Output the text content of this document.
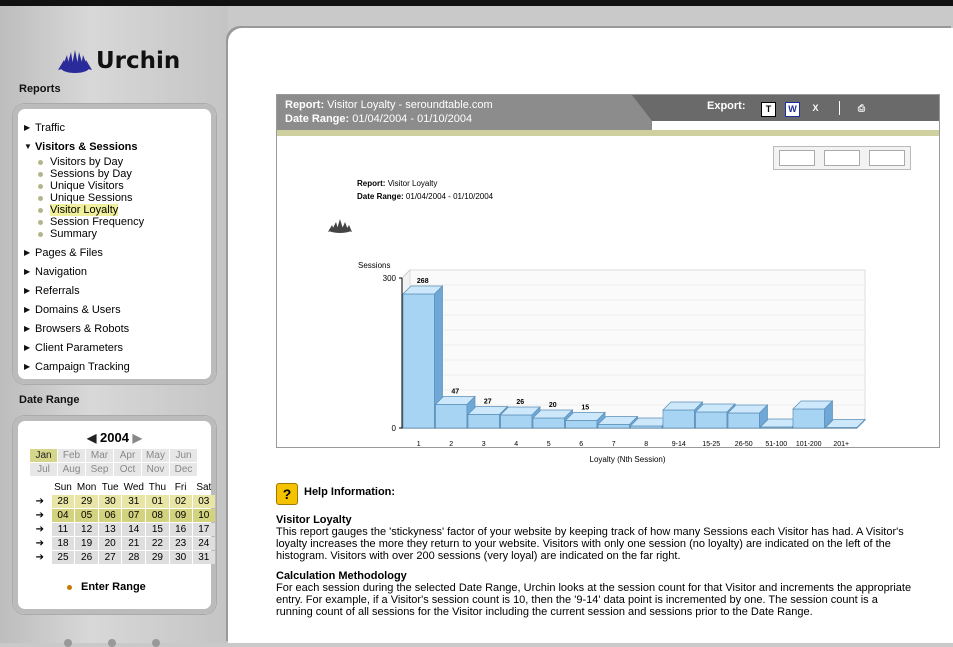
Urchin
Reports
▶ Traffic
▼ Visitors & Sessions
Visitors by Day
Sessions by Day
Unique Visitors
Unique Sessions
Visitor Loyalty
Session Frequency
Summary
▶ Pages & Files
▶ Navigation
▶ Referrals
▶ Domains & Users
▶ Browsers & Robots
▶ Client Parameters
▶ Campaign Tracking
Date Range
◀ 2004 ▶
Jan	Feb	Mar	Apr	May	Jun
Jul	Aug	Sep	Oct	Nov	Dec
	Sun	Mon	Tue	Wed	Thu	Fri	Sat
➔	28	29	30	31	01	02	03
➔	04	05	06	07	08	09	10
➔	11	12	13	14	15	16	17
➔	18	19	20	21	22	23	24
➔	25	26	27	28	29	30	31
Enter Range
Report: Visitor Loyalty - seroundtable.com
Date Range: 01/04/2004 - 01/10/2004
Export:	T	W	X	⎙
Report: Visitor Loyalty
Date Range: 01/04/2004 - 01/10/2004
300
0
Sessions
Loyalty (Nth Session)
268
1
47
2
27
3
26
4
20
5
15
6	7	8	9-14 15-25 26-50 51-100 101-200 201+
?	Help Information:
Visitor Loyalty

This report gauges the 'stickyness' factor of your website by keeping track of how many Sessions each Visitor has had. A Visitor's loyalty increases the more they return to your website. Visitors with only one session (no loyalty) are indicated on the left of the histogram. Visitors with over 200 sessions (very loyal) are indicated on the far right.

Calculation Methodology

For each session during the selected Date Range, Urchin looks at the session count for that Visitor and increments the appropriate entry. For example, if a Visitor's session count is 10, then the '9-14' data point is incremented by one. The session count is a running count of all sessions for the Visitor including the current session and sessions prior to the Date Range.
